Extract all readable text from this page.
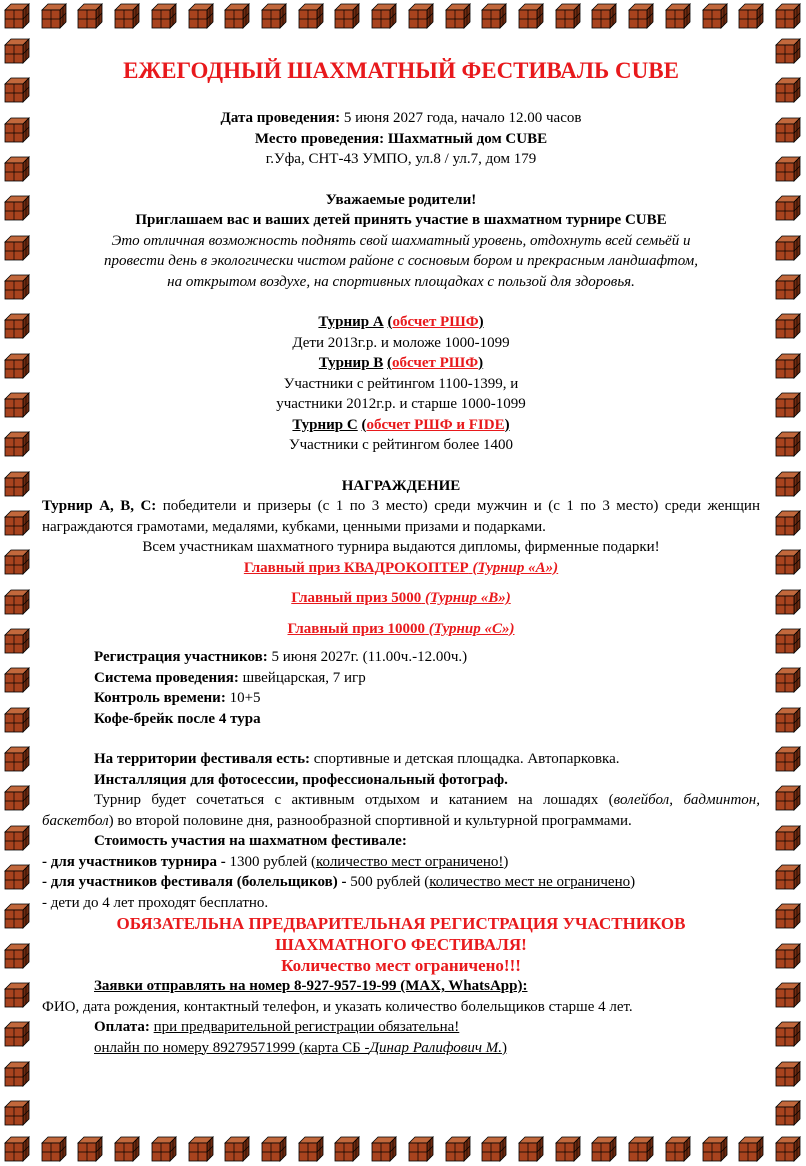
ЕЖЕГОДНЫЙ ШАХМАТНЫЙ ФЕСТИВАЛЬ CUBE
Дата проведения: 5 июня 2027 года, начало 12.00 часов
Место проведения: Шахматный дом CUBE
г.Уфа, СНТ-43 УМПО, ул.8 / ул.7, дом 179
Уважаемые родители!
Приглашаем вас и ваших детей принять участие в шахматном турнире CUBE
Это отличная возможность поднять свой шахматный уровень, отдохнуть всей семьёй и
провести день в экологически чистом районе с сосновым бором и прекрасным ландшафтом,
на открытом воздухе, на спортивных площадках с пользой для здоровья.
Турнир А (обсчет РШФ)
Дети 2013г.р. и моложе 1000-1099
Турнир В (обсчет РШФ)
Участники с рейтингом 1100-1399, и
участники 2012г.р. и старше 1000-1099
Турнир С (обсчет РШФ и FIDE)
Участники с рейтингом более 1400
НАГРАЖДЕНИЕ
Турнир А, В, С: победители и призеры (с 1 по 3 место) среди мужчин и (с 1 по 3 место) среди женщин награждаются грамотами, медалями, кубками, ценными призами и подарками.
Всем участникам шахматного турнира выдаются дипломы, фирменные подарки!
Главный приз КВАДРОКОПТЕР (Турнир «А»)
Главный приз 5000 (Турнир «В»)
Главный приз 10000 (Турнир «С»)
Регистрация участников: 5 июня 2027г. (11.00ч.-12.00ч.)
Система проведения: швейцарская, 7 игр
Контроль времени: 10+5
Кофе-брейк после 4 тура
На территории фестиваля есть: спортивные и детская площадка. Автопарковка.
Инсталляция для фотосессии, профессиональный фотограф.
Турнир будет сочетаться с активным отдыхом и катанием на лошадях (волейбол, бадминтон, баскетбол) во второй половине дня, разнообразной спортивной и культурной программами.
Стоимость участия на шахматном фестивале:
- для участников турнира - 1300 рублей (количество мест ограничено!)
- для участников фестиваля (болельщиков) - 500 рублей (количество мест не ограничено)
- дети до 4 лет проходят бесплатно.
ОБЯЗАТЕЛЬНА ПРЕДВАРИТЕЛЬНАЯ РЕГИСТРАЦИЯ УЧАСТНИКОВ
ШАХМАТНОГО ФЕСТИВАЛЯ!
Количество мест ограничено!!!
Заявки отправлять на номер 8-927-957-19-99 (MAX, WhatsApp):
ФИО, дата рождения, контактный телефон, и указать количество болельщиков старше 4 лет.
Оплата: при предварительной регистрации обязательна!
онлайн по номеру 89279571999 (карта СБ -Динар Ралифович М.)
